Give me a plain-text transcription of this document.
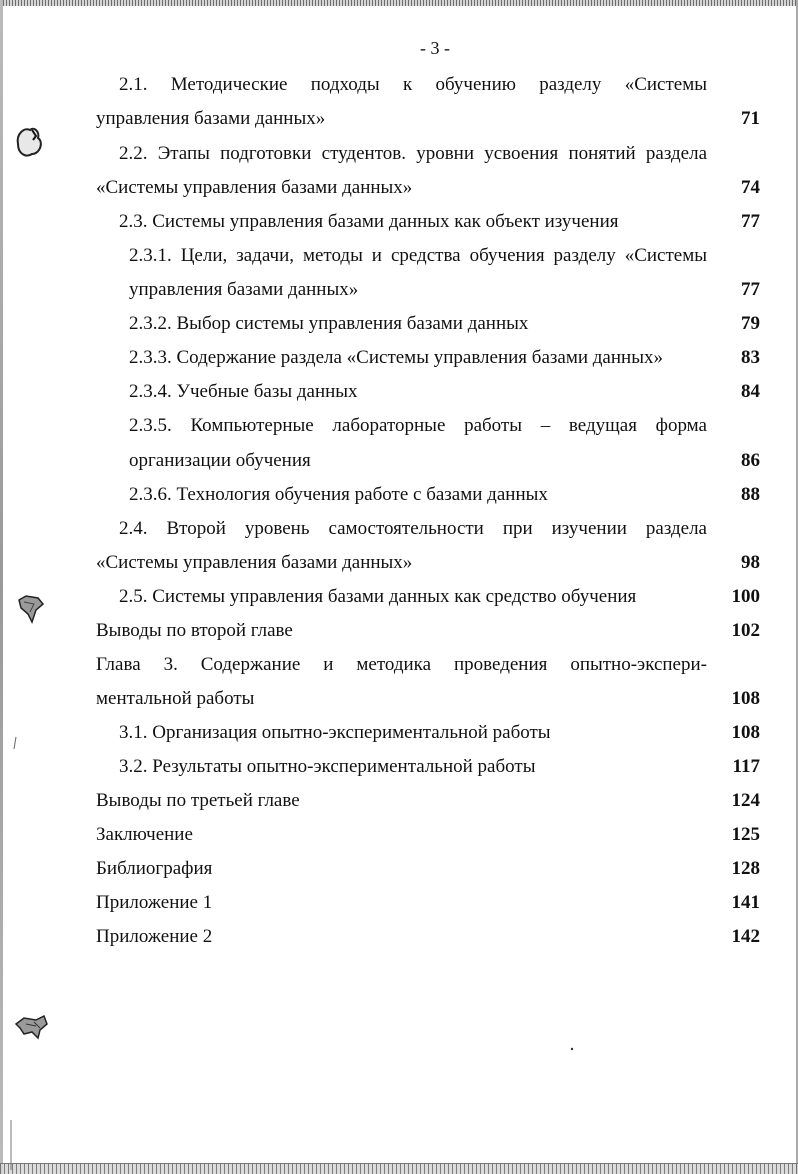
- 3 -
2.1. Методические подходы к обучению разделу «Системы
управления базами данных»	71
2.2. Этапы подготовки студентов. уровни усвоения понятий раздела
«Системы управления базами данных»	74
2.3. Системы управления базами данных как объект изучения	77
2.3.1. Цели, задачи, методы и средства обучения разделу «Системы
управления базами данных»	77
2.3.2. Выбор системы управления базами данных	79
2.3.3. Содержание раздела «Системы управления базами данных»	83
2.3.4. Учебные базы данных	84
2.3.5. Компьютерные лабораторные работы – ведущая форма
организации обучения	86
2.3.6. Технология обучения работе с базами данных	88
2.4. Второй уровень самостоятельности при изучении раздела
«Системы управления базами данных»	98
2.5. Системы управления базами данных как средство обучения	100
Выводы по второй главе	102
Глава 3. Содержание и методика проведения опытно-экспери-
ментальной работы	108
3.1. Организация опытно-экспериментальной работы	108
3.2. Результаты опытно-экспериментальной работы	117
Выводы по третьей главе	124
Заключение	125
Библиография	128
Приложение 1	141
Приложение 2	142
